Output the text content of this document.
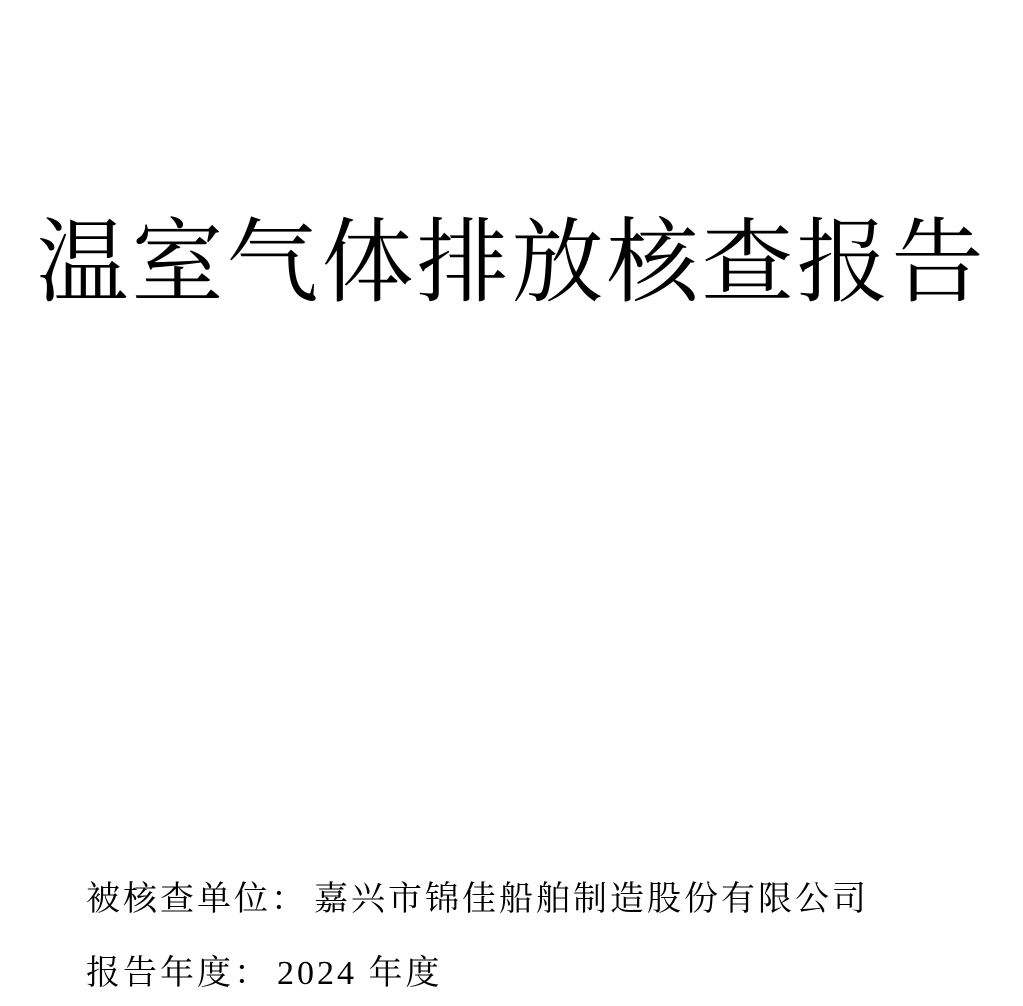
温室气体排放核查报告
被核查单位： 嘉兴市锦佳船舶制造股份有限公司
报告年度： 2024 年度
